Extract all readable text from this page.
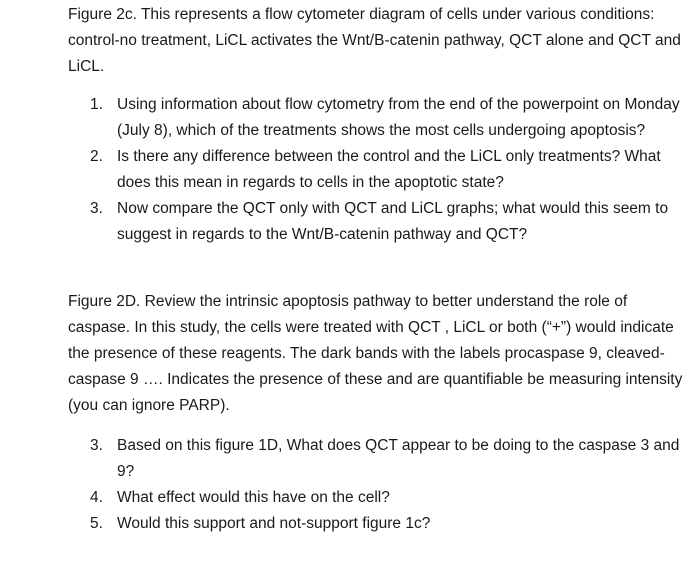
Figure 2c. This represents a flow cytometer diagram of cells under various conditions: control-no treatment, LiCL activates the Wnt/B-catenin pathway, QCT alone and QCT and LiCL.

1. Using information about flow cytometry from the end of the powerpoint on Monday (July 8), which of the treatments shows the most cells undergoing apoptosis?
2. Is there any difference between the control and the LiCL only treatments? What does this mean in regards to cells in the apoptotic state?
3. Now compare the QCT only with QCT and LiCL graphs; what would this seem to suggest in regards to the Wnt/B-catenin pathway and QCT?

Figure 2D. Review the intrinsic apoptosis pathway to better understand the role of caspase. In this study, the cells were treated with QCT , LiCL or both (“+”) would indicate the presence of these reagents. The dark bands with the labels procaspase 9, cleaved-caspase 9 …. Indicates the presence of these and are quantifiable be measuring intensity (you can ignore PARP).

3. Based on this figure 1D, What does QCT appear to be doing to the caspase 3 and 9?
4. What effect would this have on the cell?
5. Would this support and not-support figure 1c?
